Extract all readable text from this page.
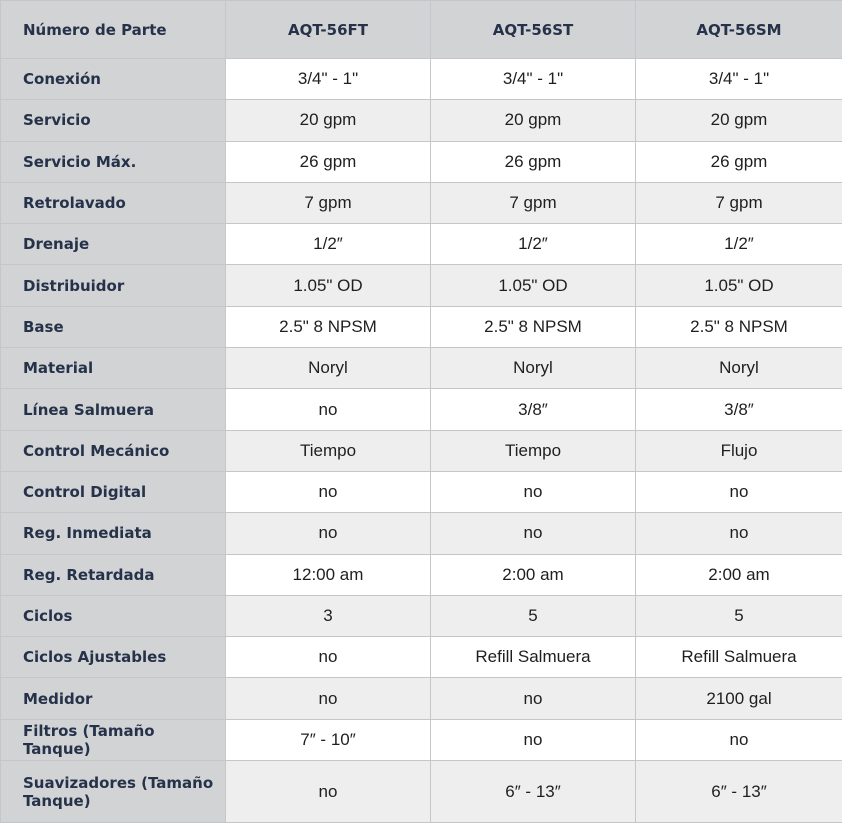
Número de Parte	AQT-56FT	AQT-56ST	AQT-56SM
Conexión	3/4" - 1"	3/4" - 1"	3/4" - 1"
Servicio	20 gpm	20 gpm	20 gpm
Servicio Máx.	26 gpm	26 gpm	26 gpm
Retrolavado	7 gpm	7 gpm	7 gpm
Drenaje	1/2″	1/2″	1/2″
Distribuidor	1.05" OD	1.05" OD	1.05" OD
Base	2.5" 8 NPSM	2.5" 8 NPSM	2.5" 8 NPSM
Material	Noryl	Noryl	Noryl
Línea Salmuera	no	3/8″	3/8″
Control Mecánico	Tiempo	Tiempo	Flujo
Control Digital	no	no	no
Reg. Inmediata	no	no	no
Reg. Retardada	12:00 am	2:00 am	2:00 am
Ciclos	3	5	5
Ciclos Ajustables	no	Refill Salmuera	Refill Salmuera
Medidor	no	no	2100 gal
Filtros (Tamaño Tanque)	7″ - 10″	no	no
Suavizadores (Tamaño Tanque)	no	6″ - 13″	6″ - 13″
